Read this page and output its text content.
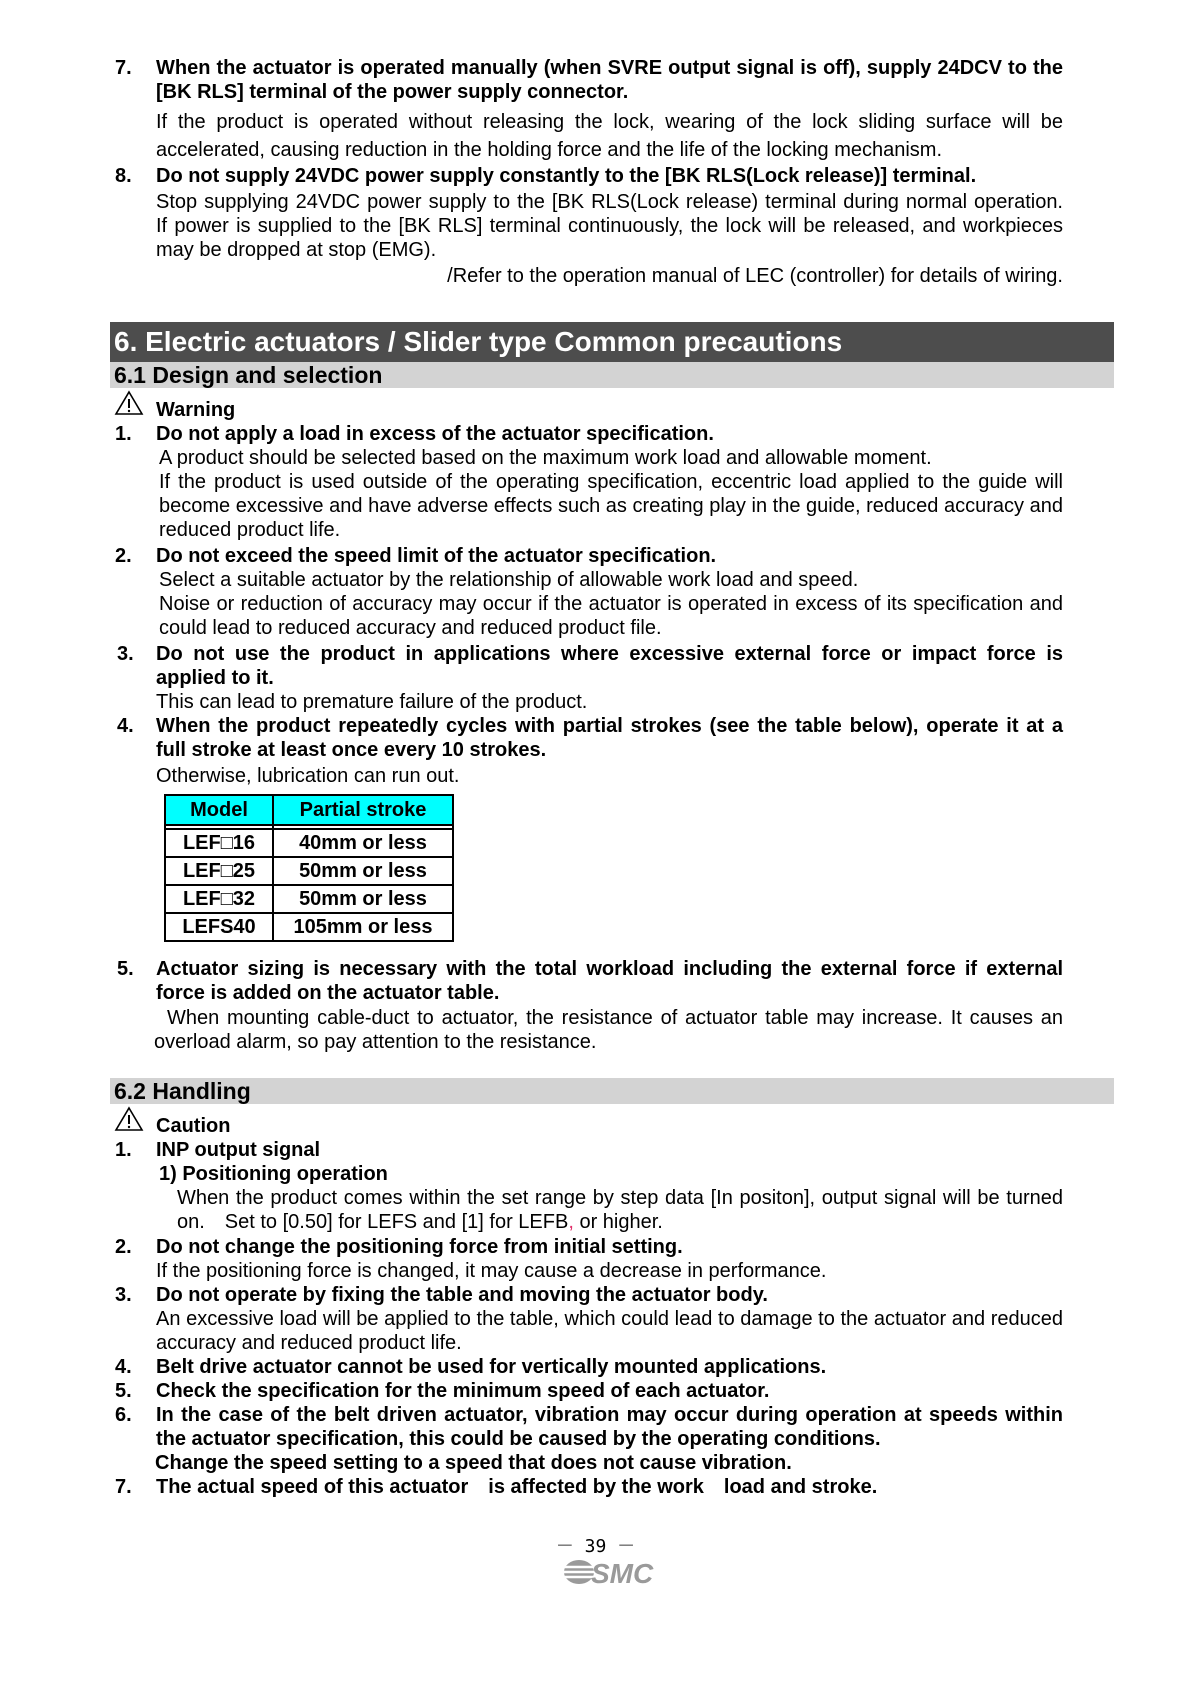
7. When the actuator is operated manually (when SVRE output signal is off), supply 24DCV to the [BK RLS] terminal of the power supply connector.
If the product is operated without releasing the lock, wearing of the lock sliding surface will be accelerated, causing reduction in the holding force and the life of the locking mechanism.
8. Do not supply 24VDC power supply constantly to the [BK RLS(Lock release)] terminal.
Stop supplying 24VDC power supply to the [BK RLS(Lock release) terminal during normal operation.　If power is supplied to the [BK RLS] terminal continuously, the lock will be released, and workpieces may be dropped at stop (EMG).
/Refer to the operation manual of LEC (controller) for details of wiring.
6. Electric actuators / Slider type Common precautions
6.1 Design and selection
Warning
1. Do not apply a load in excess of the actuator specification.
A product should be selected based on the maximum work load and allowable moment.
If the product is used outside of the operating specification, eccentric load applied to the guide will become excessive and have adverse effects such as creating play in the guide, reduced accuracy and reduced product life.
2. Do not exceed the speed limit of the actuator specification.
Select a suitable actuator by the relationship of allowable work load and speed.
Noise or reduction of accuracy may occur if the actuator is operated in excess of its specification and could lead to reduced accuracy and reduced product file.
3. Do not use the product in applications where excessive external force or impact force is applied to it.
This can lead to premature failure of the product.
4. When the product repeatedly cycles with partial strokes (see the table below), operate it at a full stroke at least once every 10 strokes.
Otherwise, lubrication can run out.
Model	Partial stroke

LEF□16	40mm or less
LEF□25	50mm or less
LEF□32	50mm or less
LEFS40	105mm or less
5. Actuator sizing is necessary with the total workload including the external force if external force is added on the actuator table.
When mounting cable-duct to actuator, the resistance of actuator table may increase. It causes an overload alarm, so pay attention to the resistance.
6.2 Handling
Caution
1. INP output signal
1) Positioning operation
When the product comes within the set range by step data [In positon], output signal will be turned on.　Set to [0.50] for LEFS and [1] for LEFB, or higher.
2. Do not change the positioning force from initial setting.
If the positioning force is changed, it may cause a decrease in performance.
3. Do not operate by fixing the table and moving the actuator body.
An excessive load will be applied to the table, which could lead to damage to the actuator and reduced accuracy and reduced product life.
4. Belt drive actuator cannot be used for vertically mounted applications.
5. Check the specification for the minimum speed of each actuator.
6. In the case of the belt driven actuator, vibration may occur during operation at speeds within the actuator specification, this could be caused by the operating conditions.
Change the speed setting to a speed that does not cause vibration.
7. The actual speed of this actuator　is affected by the work　load and stroke.
－ 39 －
SMC
